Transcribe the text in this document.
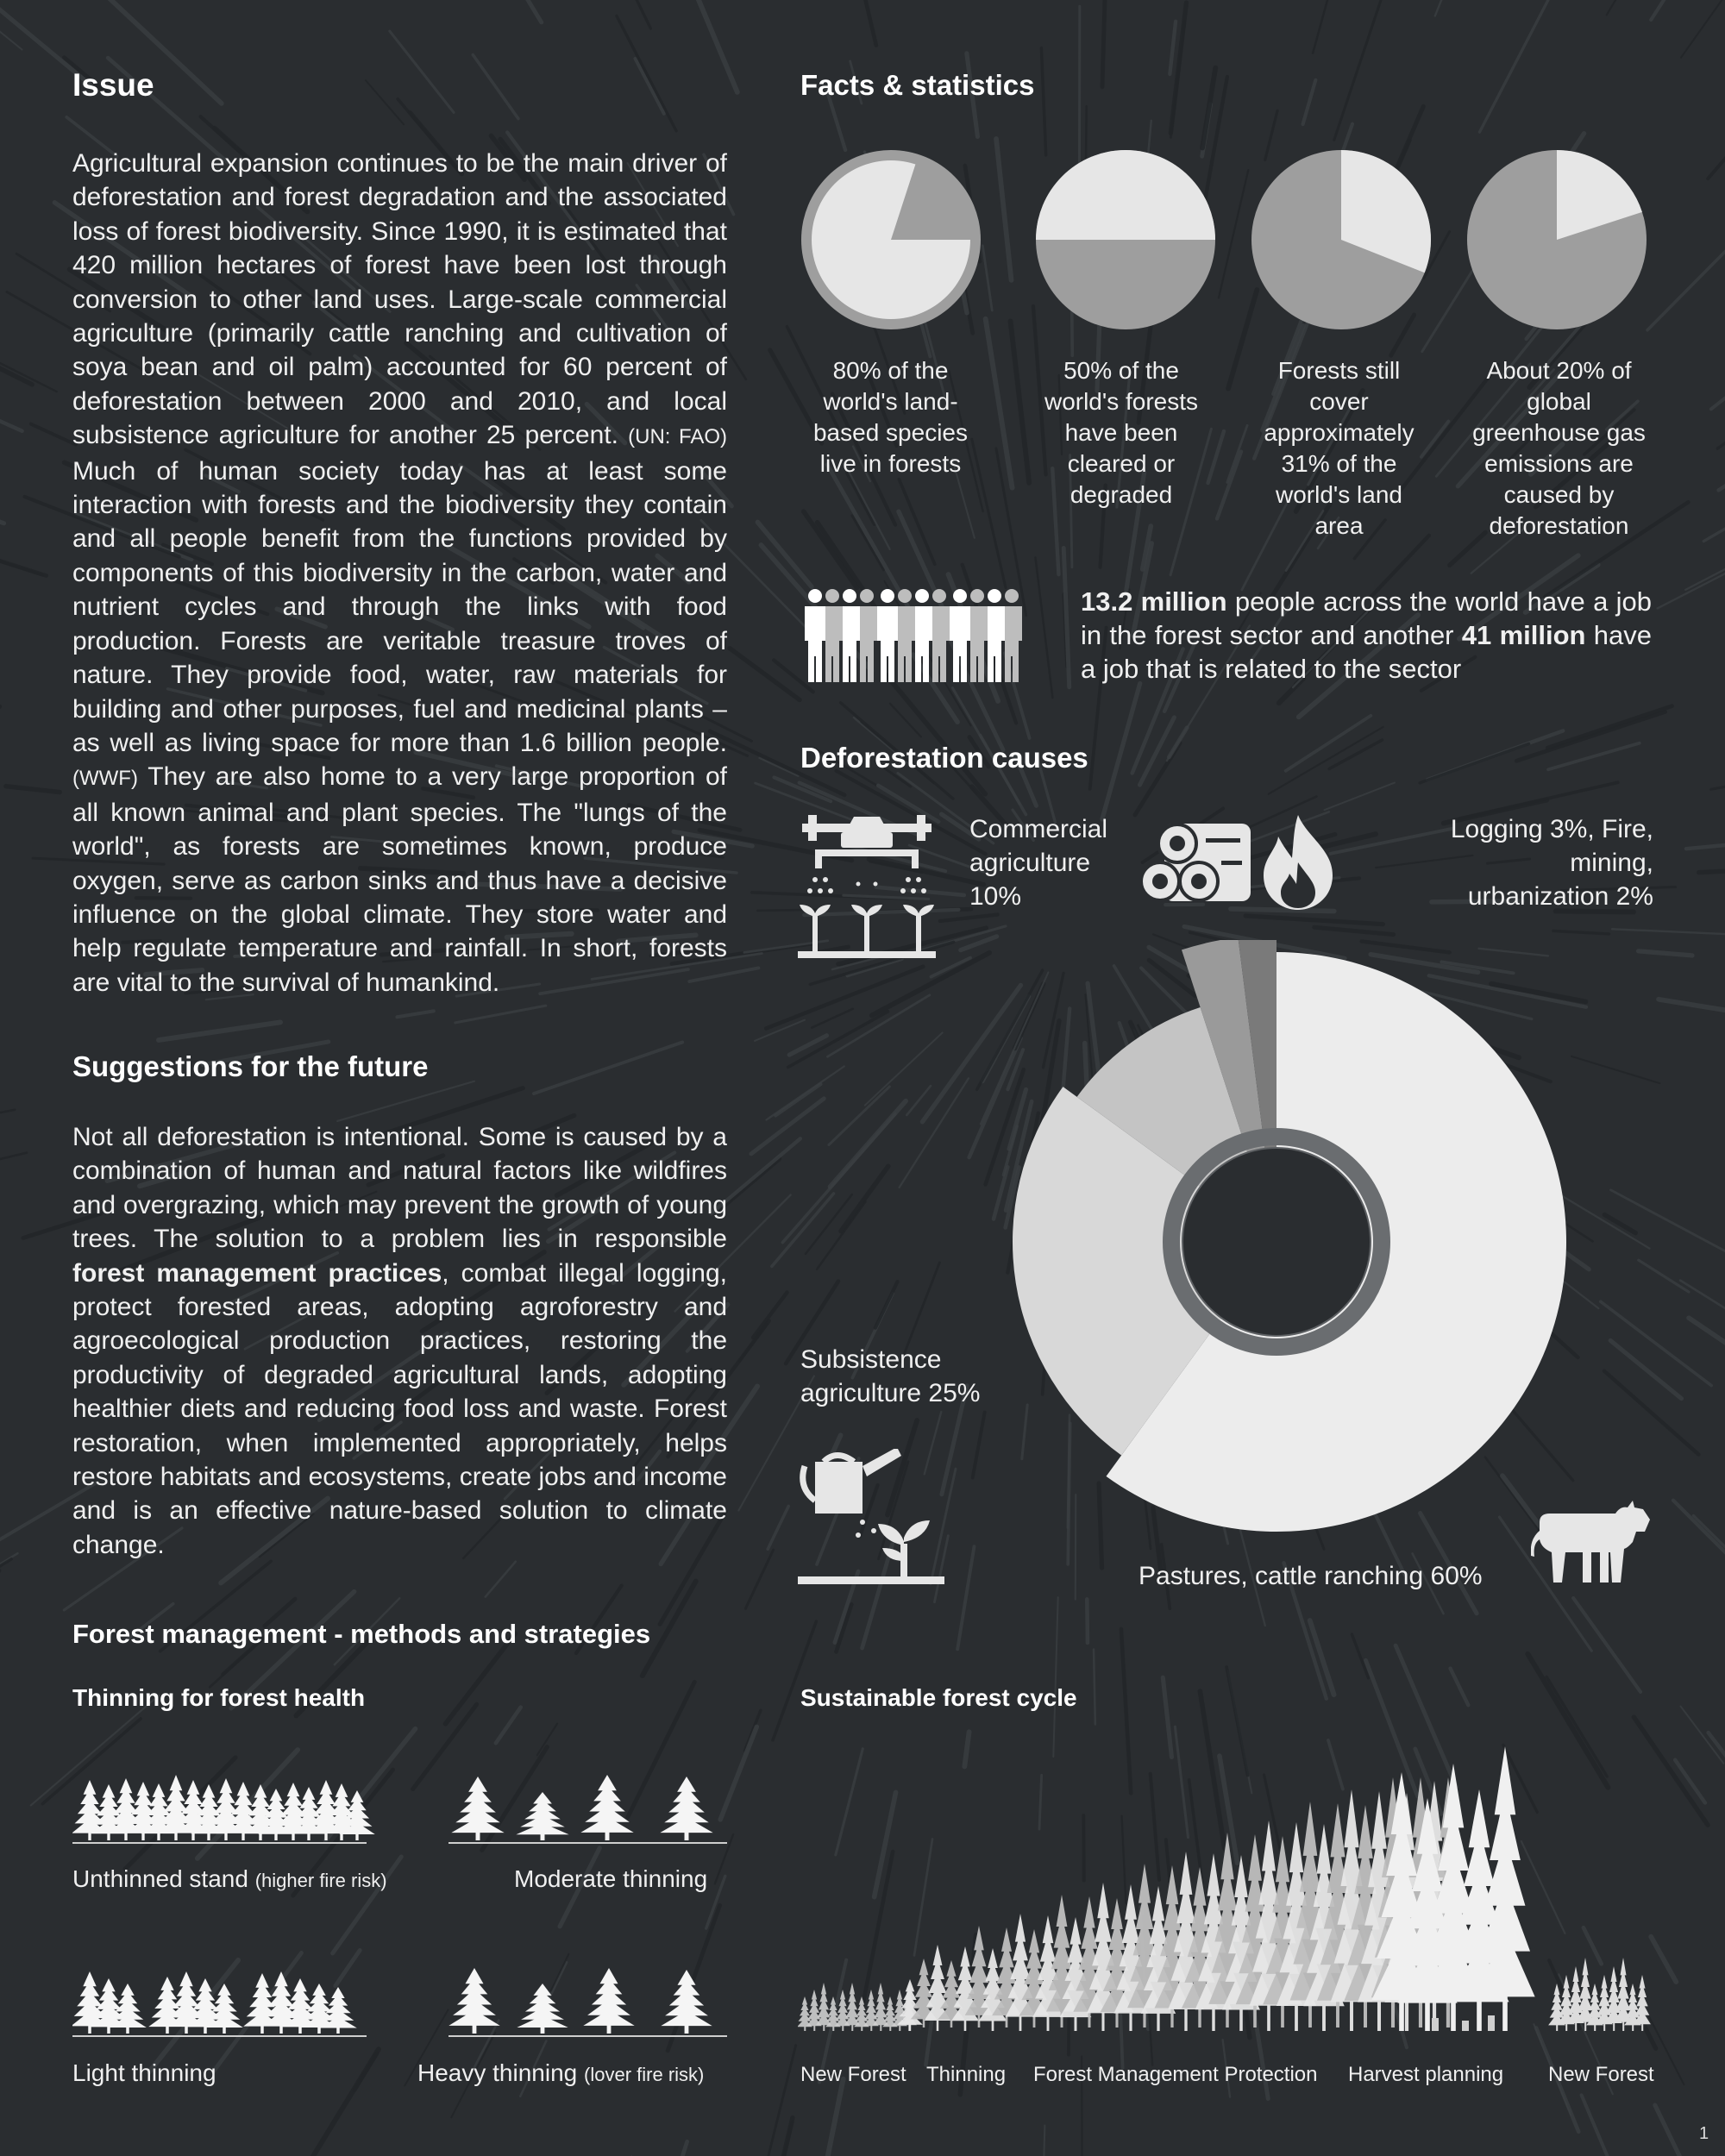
Issue

Agricultural expansion continues to be the main driver of deforestation and forest degradation and the associated loss of forest biodiversity. Since 1990, it is estimated that 420 million hectares of forest have been lost through conversion to other land uses. Large-scale commercial agriculture (primarily cattle ranching and cultivation of soya bean and oil palm) accounted for 60 percent of deforestation between 2000 and 2010, and local subsistence agriculture for another 25 percent. (UN: FAO) Much of human society today has at least some interaction with forests and the biodiversity they contain and all people benefit from the functions provided by components of this biodiversity in the carbon, water and nutrient cycles and through the links with food production. Forests are veritable treasure troves of nature. They provide food, water, raw materials for building and other purposes, fuel and medicinal plants – as well as living space for more than 1.6 billion people. (WWF) They are also home to a very large proportion of all known animal and plant species. The "lungs of the world", as forests are sometimes known, produce oxygen, serve as carbon sinks and thus have a decisive influence on the global climate. They store water and help regulate temperature and rainfall. In short, forests are vital to the survival of humankind.

Suggestions for the future

Not all deforestation is intentional. Some is caused by a combination of human and natural factors like wildfires and overgrazing, which may prevent the growth of young trees. The solution to a problem lies in responsible forest management practices, combat illegal logging, protect forested areas, adopting agroforestry and agroecological production practices, restoring the productivity of degraded agricultural lands, adopting healthier diets and reducing food loss and waste. Forest restoration, when implemented appropriately, helps restore habitats and ecosystems, create jobs and income and is an effective nature-based solution to climate change.

Forest management - methods and strategies
Thinning for forest health
Unthinned stand (higher fire risk)	Moderate thinning
Light thinning	Heavy thinning (lover fire risk)
Facts & statistics
80% of the world's land-based species live in forests
50% of the world's forests have been cleared or degraded
Forests still cover approximately 31% of the world's land area
About 20% of global greenhouse gas emissions are caused by deforestation

13.2 million people across the world have a job in the forest sector and another 41 million have a job that is related to the sector

Deforestation causes
Commercial agriculture 10%
Logging 3%, Fire, mining, urbanization 2%
Subsistence agriculture 25%
Pastures, cattle ranching 60%
Sustainable forest cycle
New Forest Thinning Forest Management Protection Harvest planning New Forest
1
